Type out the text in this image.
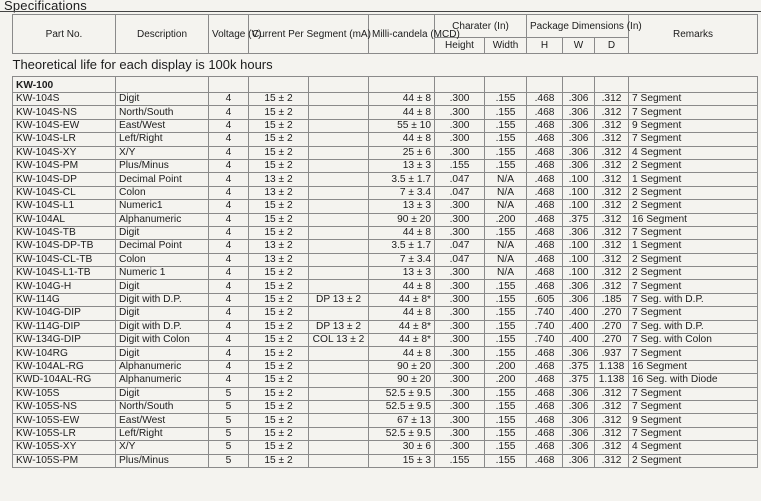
Specifications
Part No.	Description	Voltage (V)	Current Per Segment (mA)		Milli-candela (MCD)	Charater (In)		Package Dimensions (In)			Remarks
						Height	Width	H	W	D	
Theoretical life for each display is 100k hours											
KW-100											
KW-104S	Digit	4	15 ± 2		44 ± 8	.300	.155	.468	.306	.312	7 Segment
KW-104S-NS	North/South	4	15 ± 2		44 ± 8	.300	.155	.468	.306	.312	7 Segment
KW-104S-EW	East/West	4	15 ± 2		55 ± 10	.300	.155	.468	.306	.312	9 Segment
KW-104S-LR	Left/Right	4	15 ± 2		44 ± 8	.300	.155	.468	.306	.312	7 Segment
KW-104S-XY	X/Y	4	15 ± 2		25 ± 6	.300	.155	.468	.306	.312	4 Segment
KW-104S-PM	Plus/Minus	4	15 ± 2		13 ± 3	.155	.155	.468	.306	.312	2 Segment
KW-104S-DP	Decimal Point	4	13 ± 2		3.5 ± 1.7	.047	N/A	.468	.100	.312	1 Segment
KW-104S-CL	Colon	4	13 ± 2		7 ± 3.4	.047	N/A	.468	.100	.312	2 Segment
KW-104S-L1	Numeric1	4	15 ± 2		13 ± 3	.300	N/A	.468	.100	.312	2 Segment
KW-104AL	Alphanumeric	4	15 ± 2		90 ± 20	.300	.200	.468	.375	.312	16 Segment
KW-104S-TB	Digit	4	15 ± 2		44 ± 8	.300	.155	.468	.306	.312	7 Segment
KW-104S-DP-TB	Decimal Point	4	13 ± 2		3.5 ± 1.7	.047	N/A	.468	.100	.312	1 Segment
KW-104S-CL-TB	Colon	4	13 ± 2		7 ± 3.4	.047	N/A	.468	.100	.312	2 Segment
KW-104S-L1-TB	Numeric 1	4	15 ± 2		13 ± 3	.300	N/A	.468	.100	.312	2 Segment
KW-104G-H	Digit	4	15 ± 2		44 ± 8	.300	.155	.468	.306	.312	7 Segment
KW-114G	Digit with D.P.	4	15 ± 2	DP 13 ± 2	44 ± 8*	.300	.155	.605	.306	.185	7 Seg. with D.P.
KW-104G-DIP	Digit	4	15 ± 2		44 ± 8	.300	.155	.740	.400	.270	7 Segment
KW-114G-DIP	Digit with D.P.	4	15 ± 2	DP 13 ± 2	44 ± 8*	.300	.155	.740	.400	.270	7 Seg. with D.P.
KW-134G-DIP	Digit with Colon	4	15 ± 2	COL 13 ± 2	44 ± 8*	.300	.155	.740	.400	.270	7 Seg. with Colon
KW-104RG	Digit	4	15 ± 2		44 ± 8	.300	.155	.468	.306	.937	7 Segment
KW-104AL-RG	Alphanumeric	4	15 ± 2		90 ± 20	.300	.200	.468	.375	1.138	16 Segment
KWD-104AL-RG	Alphanumeric	4	15 ± 2		90 ± 20	.300	.200	.468	.375	1.138	16 Seg. with Diode
KW-105S	Digit	5	15 ± 2		52.5 ± 9.5	.300	.155	.468	.306	.312	7 Segment
KW-105S-NS	North/South	5	15 ± 2		52.5 ± 9.5	.300	.155	.468	.306	.312	7 Segment
KW-105S-EW	East/West	5	15 ± 2		67 ± 13	.300	.155	.468	.306	.312	9 Segment
KW-105S-LR	Left/Right	5	15 ± 2		52.5 ± 9.5	.300	.155	.468	.306	.312	7 Segment
KW-105S-XY	X/Y	5	15 ± 2		30 ± 6	.300	.155	.468	.306	.312	4 Segment
KW-105S-PM	Plus/Minus	5	15 ± 2		15 ± 3	.155	.155	.468	.306	.312	2 Segment
